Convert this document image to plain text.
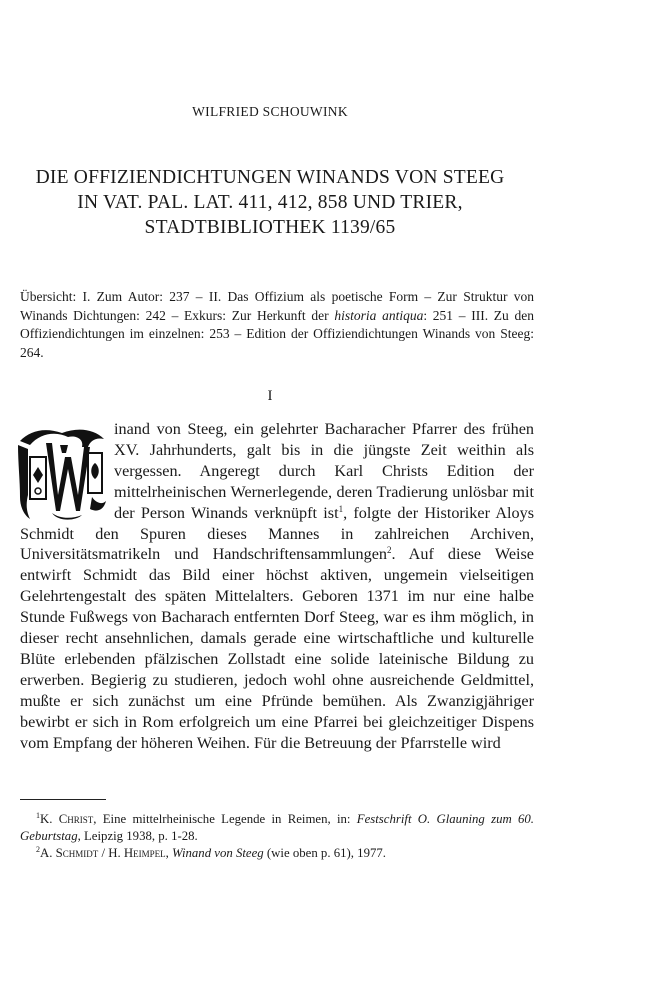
WILFRIED SCHOUWINK
DIE OFFIZIENDICHTUNGEN WINANDS VON STEEG
IN VAT. PAL. LAT. 411, 412, 858 UND TRIER,
STADTBIBLIOTHEK 1139/65
Übersicht: I. Zum Autor: 237 – II. Das Offizium als poetische Form – Zur Struktur von Winands Dichtungen: 242 – Exkurs: Zur Herkunft der historia antiqua: 251 – III. Zu den Offiziendichtungen im einzelnen: 253 – Edition der Offiziendichtungen Winands von Steeg: 264.
I

inand von Steeg, ein gelehrter Bacharacher Pfarrer des frühen XV. Jahrhunderts, galt bis in die jüngste Zeit weithin als vergessen. Angeregt durch Karl Christs Edition der mittelrheinischen Wernerlegende, deren Tradierung unlösbar mit der Person Winands verknüpft ist$^1$, folgte der Historiker Aloys Schmidt den Spuren dieses Mannes in zahlreichen Archiven, Universitätsmatrikeln und Handschriftensammlungen$^2$. Auf diese Weise entwirft Schmidt das Bild einer höchst aktiven, ungemein vielseitigen Gelehrtengestalt des späten Mittelalters. Geboren 1371 im nur eine halbe Stunde Fußwegs von Bacharach entfernten Dorf Steeg, war es ihm möglich, in dieser recht ansehnlichen, damals gerade eine wirtschaftliche und kulturelle Blüte erlebenden pfälzischen Zollstadt eine solide lateinische Bildung zu erwerben. Begierig zu studieren, jedoch wohl ohne ausreichende Geldmittel, mußte er sich zunächst um eine Pfründe bemühen. Als Zwanzigjähriger bewirbt er sich in Rom erfolgreich um eine Pfarrei bei gleichzeitiger Dispens vom Empfang der höheren Weihen. Für die Betreuung der Pfarrstelle wird

$^1$K. Christ, Eine mittelrheinische Legende in Reimen, in: Festschrift O. Glauning zum 60. Geburtstag, Leipzig 1938, p. 1-28.

$^2$A. Schmidt / H. Heimpel, Winand von Steeg (wie oben p. 61), 1977.
